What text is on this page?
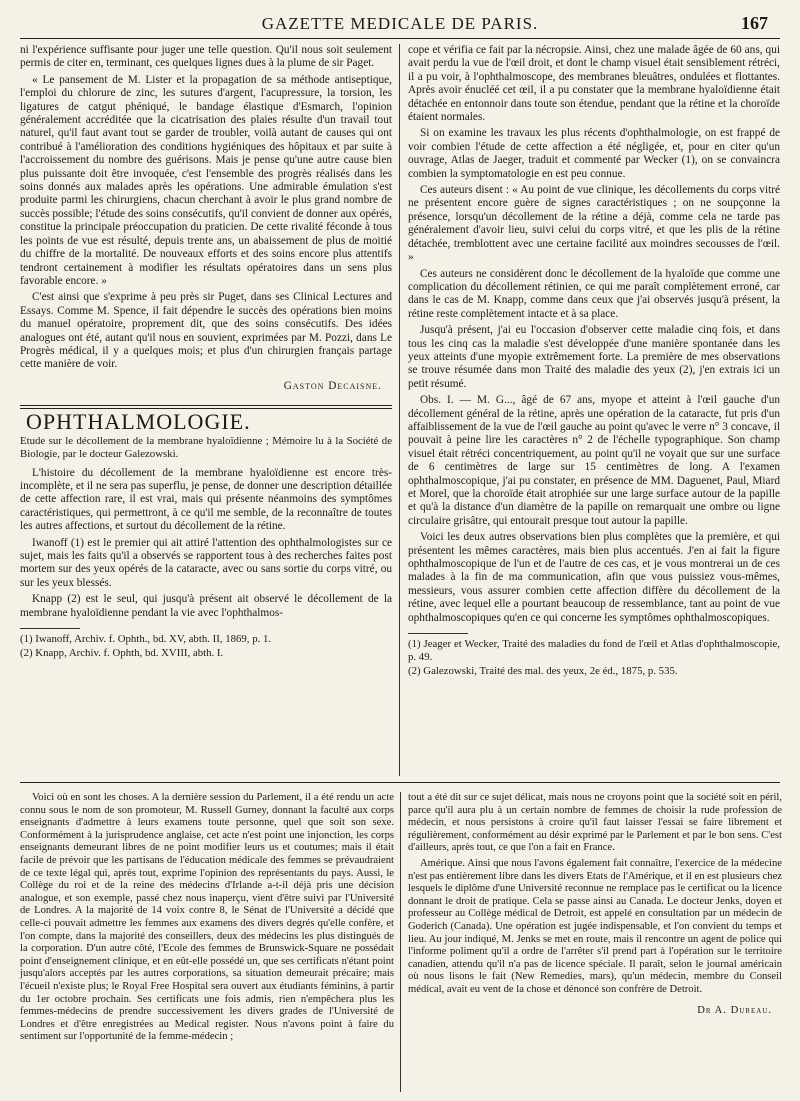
GAZETTE MEDICALE DE PARIS.	167

ni l'expérience suffisante pour juger une telle question. Qu'il nous soit seulement permis de citer en, terminant, ces quelques lignes dues à la plume de sir Paget.

« Le pansement de M. Lister et la propagation de sa méthode antiseptique, l'emploi du chlorure de zinc, les sutures d'argent, l'acupressure, la torsion, les ligatures de catgut phéniqué, le bandage élastique d'Esmarch, l'opinion généralement accréditée que la cicatrisation des plaies résulte d'un travail tout naturel, qu'il faut avant tout se garder de troubler, voilà autant de causes qui ont contribué à l'amélioration des conditions hygiéniques des hôpitaux et par suite à l'accroissement du nombre des guérisons. Mais je pense qu'une autre cause bien plus puissante doit être invoquée, c'est l'ensemble des progrès réalisés dans les soins donnés aux malades après les opérations. Une admirable émulation s'est produite parmi les chirurgiens, chacun cherchant à avoir le plus grand nombre de succès possible; l'étude des soins consécutifs, qu'il convient de donner aux opérés, constitue la principale préoccupation du praticien. De cette rivalité féconde à tous les points de vue est résulté, depuis trente ans, un abaissement de plus de moitié du chiffre de la mortalité. De nouveaux efforts et des soins encore plus attentifs tendront certainement à modifier les résultats opératoires dans un sens plus favorable encore. »

C'est ainsi que s'exprime à peu près sir Puget, dans ses Clinical Lectures and Essays. Comme M. Spence, il fait dépendre le succès des opérations bien moins du manuel opératoire, proprement dit, que des soins consécutifs. Des idées analogues ont été, autant qu'il nous en souvient, exprimées par M. Pozzi, dans Le Progrès médical, il y a quelques mois; et plus d'un chirurgien français partage cette manière de voir.

Gaston Decaisne.
OPHTHALMOLOGIE.

Etude sur le décollement de la membrane hyaloïdienne ; Mémoire lu à la Société de Biologie, par le docteur Galezowski.

L'histoire du décollement de la membrane hyaloïdienne est encore très-incomplète, et il ne sera pas superflu, je pense, de donner une description détaillée de cette affection rare, il est vrai, mais qui présente néanmoins des symptômes caractéristiques, qui permettront, à ce qu'il me semble, de la reconnaître de toutes les autres affections, et surtout du décollement de la rétine.

Iwanoff (1) est le premier qui ait attiré l'attention des ophthalmologistes sur ce sujet, mais les faits qu'il a observés se rapportent tous à des recherches faites post mortem sur des yeux opérés de la cataracte, avec ou sans sortie du corps vitré, ou sur les yeux blessés.

Knapp (2) est le seul, qui jusqu'à présent ait observé le décollement de la membrane hyaloïdienne pendant la vie avec l'ophthalmos-

(1) Iwanoff, Archiv. f. Ophth., bd. XV, abth. II, 1869, p. 1.

(2) Knapp, Archiv. f. Ophth, bd. XVIII, abth. I.

cope et vérifia ce fait par la nécropsie. Ainsi, chez une malade âgée de 60 ans, qui avait perdu la vue de l'œil droit, et dont le champ visuel était sensiblement rétréci, il a pu voir, à l'ophthalmoscope, des membranes bleuâtres, ondulées et flottantes. Après avoir énucléé cet œil, il a pu constater que la membrane hyaloïdienne était détachée en entonnoir dans toute son étendue, pendant que la rétine et la choroïde étaient normales.

Si on examine les travaux les plus récents d'ophthalmologie, on est frappé de voir combien l'étude de cette affection a été négligée, et, pour en citer qu'un ouvrage, Atlas de Jaeger, traduit et commenté par Wecker (1), on se convaincra combien la symptomatologie en est peu connue.

Ces auteurs disent : « Au point de vue clinique, les décollements du corps vitré ne présentent encore guère de signes caractéristiques ; on ne soupçonne la présence, lorsqu'un décollement de la rétine a déjà, comme cela ne tarde pas généralement d'avoir lieu, suivi celui du corps vitré, et que les plis de la rétine détachée, tremblottent avec une certaine facilité aux moindres secousses de l'œil. »

Ces auteurs ne considèrent donc le décollement de la hyaloïde que comme une complication du décollement rétinien, ce qui me paraît complètement erroné, car dans le cas de M. Knapp, comme dans ceux que j'ai observés jusqu'à présent, la rétine reste complètement intacte et à sa place.

Jusqu'à présent, j'ai eu l'occasion d'observer cette maladie cinq fois, et dans tous les cinq cas la maladie s'est développée d'une manière spontanée dans les yeux atteints d'une myopie extrêmement forte. La première de mes observations se trouve résumée dans mon Traité des maladie des yeux (2), j'en extrais ici un petit résumé.

Obs. I. — M. G..., âgé de 67 ans, myope et atteint à l'œil gauche d'un décollement général de la rétine, après une opération de la cataracte, fut pris d'un affaiblissement de la vue de l'œil gauche au point qu'avec le verre n° 3 concave, il pouvait à peine lire les caractères n° 2 de l'échelle typographique. Son champ visuel était rétréci concentriquement, au point qu'il ne voyait que sur une surface de 6 centimètres de large sur 15 centimètres de long. A l'examen ophthalmoscopique, j'ai pu constater, en présence de MM. Daguenet, Paul, Miard et Morel, que la choroïde était atrophiée sur une large surface autour de la papille et qu'à la distance d'un diamètre de la papille on remarquait une ombre ou ligne circulaire grisâtre, qui entourait presque tout autour la papille.

Voici les deux autres observations bien plus complètes que la première, et qui présentent les mêmes caractères, mais bien plus accentués. J'en ai fait la figure ophthalmoscopique de l'un et de l'autre de ces cas, et je vous montrerai un de ces malades à la fin de ma communication, afin que vous puissiez vous-mêmes, messieurs, vous assurer combien cette affection diffère du décollement de la rétine, avec lequel elle a pourtant beaucoup de ressemblance, tant au point de vue ophthalmoscopiques qu'en ce qui concerne les symptômes ophthalmoscopiques.

(1) Jeager et Wecker, Traité des maladies du fond de l'œil et Atlas d'ophthalmoscopie, p. 49.

(2) Galezowski, Traité des mal. des yeux, 2e éd., 1875, p. 535.

Voici où en sont les choses. A la dernière session du Parlement, il a été rendu un acte connu sous le nom de son promoteur, M. Russell Gurney, donnant la faculté aux corps enseignants d'admettre à leurs examens toute personne, quel que soit son sexe. Conformément à la jurisprudence anglaise, cet acte n'est point une injonction, les corps enseignants demeurant libres de ne point modifier leurs us et coutumes; mais il était facile de prévoir que les partisans de l'éducation médicale des femmes se prévaudraient de ce texte légal qui, après tout, exprime l'opinion des représentants du pays. Aussi, le Collège du roi et de la reine des médecins d'Irlande a-t-il déjà pris une décision analogue, et son exemple, passé chez nous inaperçu, vient d'être suivi par l'Université de Londres. A la majorité de 14 voix contre 8, le Sénat de l'Université a décidé que celle-ci pouvait admettre les femmes aux examens des divers degrés qu'elle confère, et l'on compte, dans la majorité des conseillers, deux des médecins les plus distingués de la corporation. D'un autre côté, l'Ecole des femmes de Brunswick-Square ne possédait point d'enseignement clinique, et en eût-elle possédé un, que ses certificats n'étant point jusqu'alors acceptés par les autres corporations, sa situation demeurait précaire; mais l'écueil n'existe plus; le Royal Free Hospital sera ouvert aux étudiants féminins, à partir du 1er octobre prochain. Ses certificats une fois admis, rien n'empêchera plus les femmes-médecins de prendre successivement les divers grades de l'Université de Londres et d'être enregistrées au Medical register. Nous n'avons point à faire du sentiment sur l'opportunité de la femme-médecin ;

tout a été dit sur ce sujet délicat, mais nous ne croyons point que la société soit en péril, parce qu'il aura plu à un certain nombre de femmes de choisir la rude profession de médecin, et nous persistons à croire qu'il faut laisser l'essai se faire librement et régulièrement, conformément au désir exprimé par le Parlement et par le bon sens. C'est d'ailleurs, après tout, ce que l'on a fait en France.

Amérique. Ainsi que nous l'avons également fait connaître, l'exercice de la médecine n'est pas entièrement libre dans les divers Etats de l'Amérique, et il en est plusieurs chez lesquels le diplôme d'une Université reconnue ne remplace pas le certificat ou la licence donnant le droit de pratique. Cela se passe ainsi au Canada. Le docteur Jenks, doyen et professeur au Collège médical de Detroit, est appelé en consultation par un médecin de Goderich (Canada). Une opération est jugée indispensable, et l'on convient du temps et lieu. Au jour indiqué, M. Jenks se met en route, mais il rencontre un agent de police qui l'informe poliment qu'il a ordre de l'arrêter s'il prend part à l'opération sur le territoire canadien, attendu qu'il n'a pas de licence spéciale. Il paraît, selon le journal américain où nous lisons le fait (New Remedies, mars), qu'un médecin, membre du Conseil médical, avait eu vent de la chose et dénoncé son confrère de Detroit.

Dr A. Dureau.
